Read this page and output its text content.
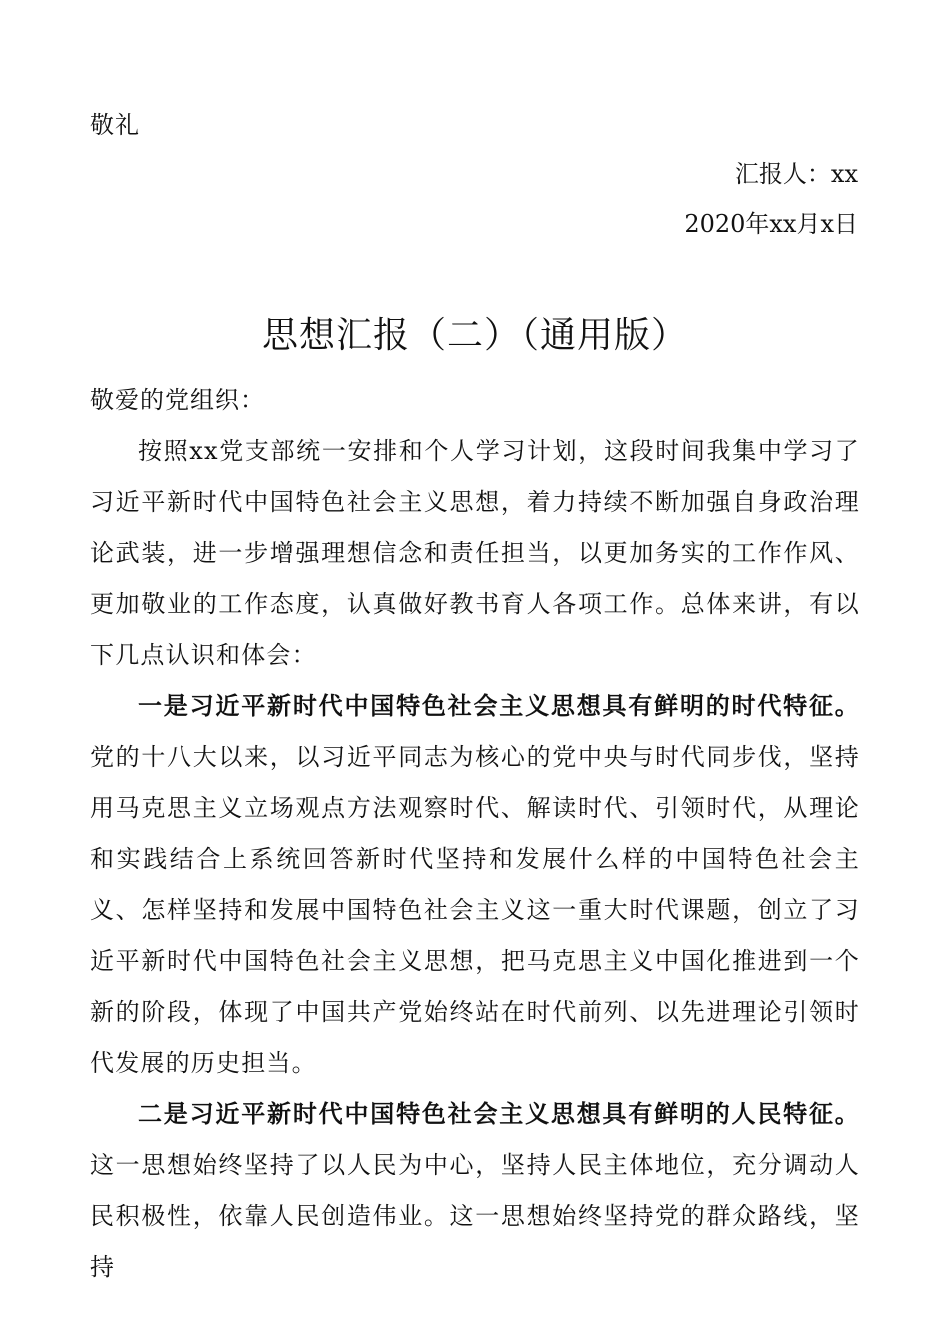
敬礼
汇报人：xx
2020年xx月x日
思想汇报（二）（通用版）
敬爱的党组织：

按照xx党支部统一安排和个人学习计划，这段时间我集中学习了习近平新时代中国特色社会主义思想，着力持续不断加强自身政治理论武装，进一步增强理想信念和责任担当，以更加务实的工作作风、更加敬业的工作态度，认真做好教书育人各项工作。总体来讲，有以下几点认识和体会：

一是习近平新时代中国特色社会主义思想具有鲜明的时代特征。党的十八大以来，以习近平同志为核心的党中央与时代同步伐，坚持用马克思主义立场观点方法观察时代、解读时代、引领时代，从理论和实践结合上系统回答新时代坚持和发展什么样的中国特色社会主义、怎样坚持和发展中国特色社会主义这一重大时代课题，创立了习近平新时代中国特色社会主义思想，把马克思主义中国化推进到一个新的阶段，体现了中国共产党始终站在时代前列、以先进理论引领时代发展的历史担当。

二是习近平新时代中国特色社会主义思想具有鲜明的人民特征。这一思想始终坚持了以人民为中心，坚持人民主体地位，充分调动人民积极性，依靠人民创造伟业。这一思想始终坚持党的群众路线，坚持
